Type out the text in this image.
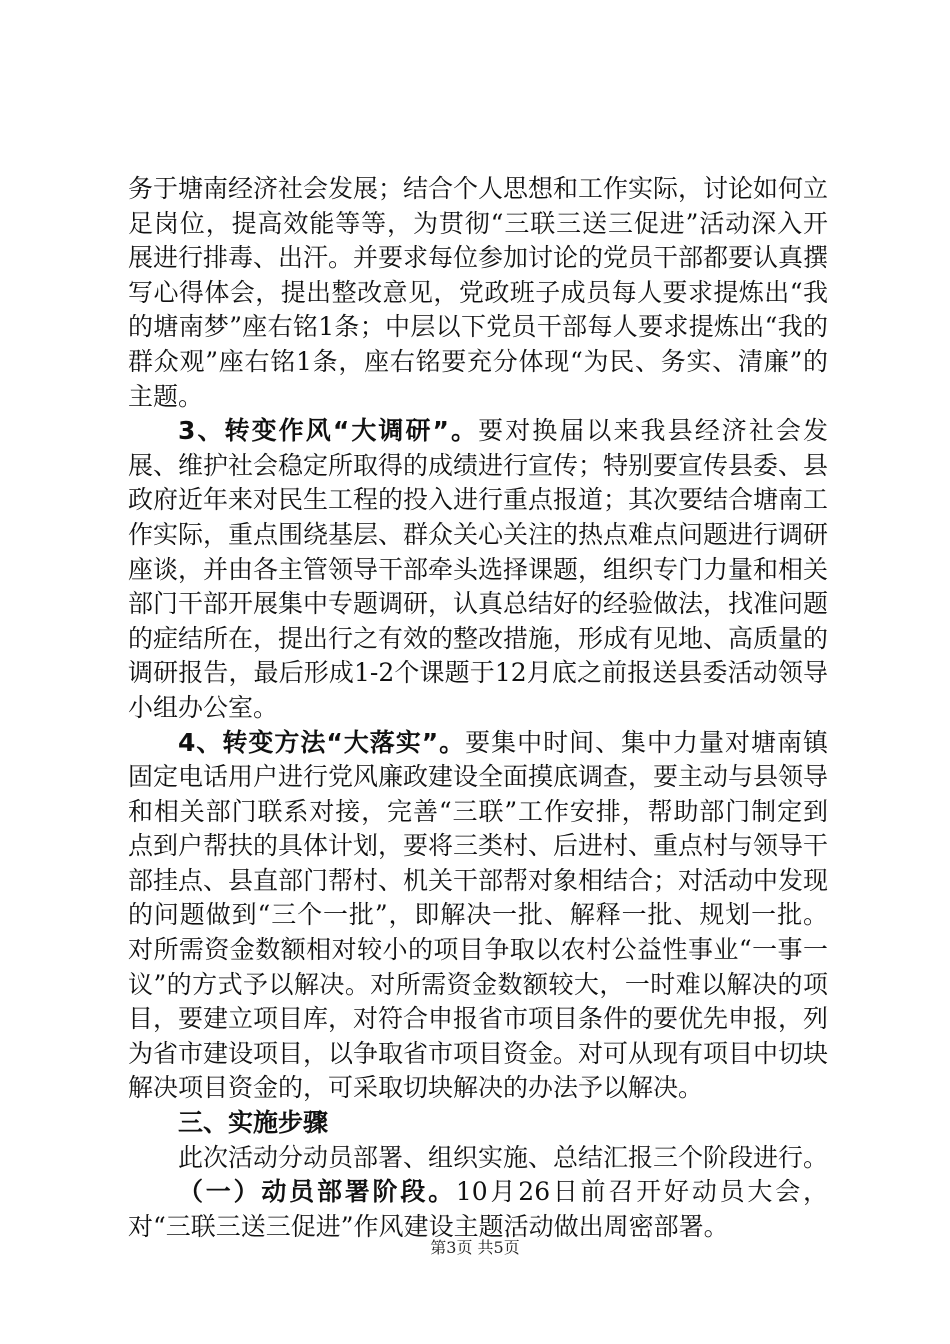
务于塘南经济社会发展；结合个人思想和工作实际，讨论如何立足岗位，提高效能等等，为贯彻“三联三送三促进”活动深入开展进行排毒、出汗。并要求每位参加讨论的党员干部都要认真撰写心得体会，提出整改意见，党政班子成员每人要求提炼出“我的塘南梦”座右铭1条；中层以下党员干部每人要求提炼出“我的群众观”座右铭1条，座右铭要充分体现“为民、务实、清廉”的主题。

3、转变作风“大调研”。要对换届以来我县经济社会发展、维护社会稳定所取得的成绩进行宣传；特别要宣传县委、县政府近年来对民生工程的投入进行重点报道；其次要结合塘南工作实际，重点围绕基层、群众关心关注的热点难点问题进行调研座谈，并由各主管领导干部牵头选择课题，组织专门力量和相关部门干部开展集中专题调研，认真总结好的经验做法，找准问题的症结所在，提出行之有效的整改措施，形成有见地、高质量的调研报告，最后形成1-2个课题于12月底之前报送县委活动领导小组办公室。

4、转变方法“大落实”。要集中时间、集中力量对塘南镇固定电话用户进行党风廉政建设全面摸底调查，要主动与县领导和相关部门联系对接，完善“三联”工作安排，帮助部门制定到点到户帮扶的具体计划，要将三类村、后进村、重点村与领导干部挂点、县直部门帮村、机关干部帮对象相结合；对活动中发现的问题做到“三个一批”，即解决一批、解释一批、规划一批。对所需资金数额相对较小的项目争取以农村公益性事业“一事一议”的方式予以解决。对所需资金数额较大，一时难以解决的项目，要建立项目库，对符合申报省市项目条件的要优先申报，列为省市建设项目，以争取省市项目资金。对可从现有项目中切块解决项目资金的，可采取切块解决的办法予以解决。

三、实施步骤

此次活动分动员部署、组织实施、总结汇报三个阶段进行。

（一）动员部署阶段。10月26日前召开好动员大会，对“三联三送三促进”作风建设主题活动做出周密部署。

第3页 共5页
